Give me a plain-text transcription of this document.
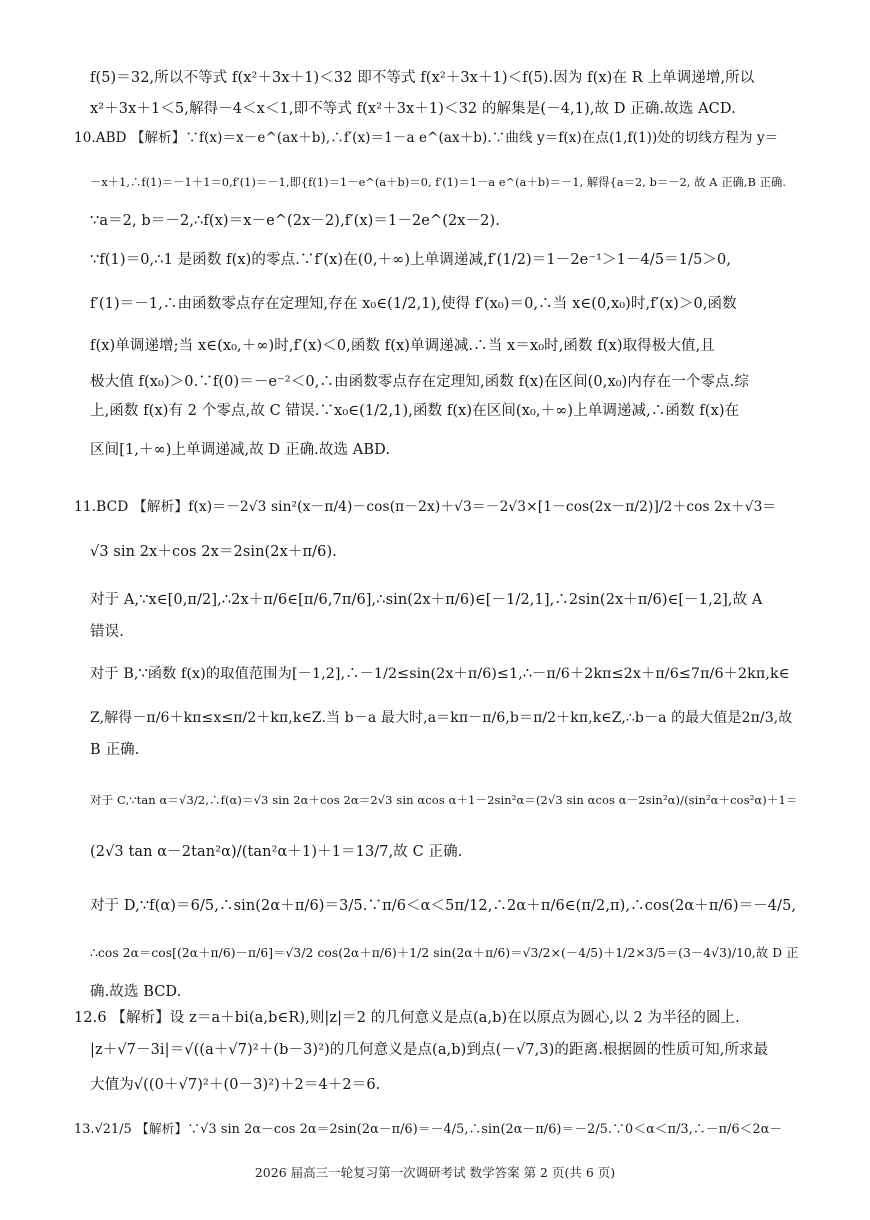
f(5)＝32,所以不等式 f(x²＋3x＋1)＜32 即不等式 f(x²＋3x＋1)＜f(5).因为 f(x)在 R 上单调递增,所以
x²＋3x＋1＜5,解得－4＜x＜1,即不等式 f(x²＋3x＋1)＜32 的解集是(－4,1),故 D 正确.故选 ACD.
10.ABD 【解析】∵f(x)＝x－e^(ax＋b),∴f′(x)＝1－a e^(ax＋b).∵曲线 y＝f(x)在点(1,f(1))处的切线方程为 y＝
－x＋1,∴f(1)＝－1＋1＝0,f′(1)＝－1,即{f(1)＝1－e^(a＋b)＝0, f′(1)＝1－a e^(a＋b)＝－1, 解得{a＝2, b＝－2, 故 A 正确,B 正确.
∵a＝2, b＝－2,∴f(x)＝x－e^(2x－2),f′(x)＝1－2e^(2x－2).
∵f(1)＝0,∴1 是函数 f(x)的零点.∵f′(x)在(0,＋∞)上单调递减,f′(1/2)＝1－2e⁻¹＞1－4/5＝1/5＞0,
f′(1)＝－1,∴由函数零点存在定理知,存在 x₀∈(1/2,1),使得 f′(x₀)＝0,∴当 x∈(0,x₀)时,f′(x)＞0,函数
f(x)单调递增;当 x∈(x₀,＋∞)时,f′(x)＜0,函数 f(x)单调递减.∴当 x＝x₀时,函数 f(x)取得极大值,且
极大值 f(x₀)＞0.∵f(0)＝－e⁻²＜0,∴由函数零点存在定理知,函数 f(x)在区间(0,x₀)内存在一个零点.综
上,函数 f(x)有 2 个零点,故 C 错误.∵x₀∈(1/2,1),函数 f(x)在区间(x₀,＋∞)上单调递减,∴函数 f(x)在
区间[1,＋∞)上单调递减,故 D 正确.故选 ABD.
11.BCD 【解析】f(x)＝－2√3 sin²(x－π/4)－cos(π－2x)＋√3＝－2√3×[1－cos(2x－π/2)]/2＋cos 2x＋√3＝
√3 sin 2x＋cos 2x＝2sin(2x＋π/6).
对于 A,∵x∈[0,π/2],∴2x＋π/6∈[π/6,7π/6],∴sin(2x＋π/6)∈[－1/2,1],∴2sin(2x＋π/6)∈[－1,2],故 A
错误.
对于 B,∵函数 f(x)的取值范围为[－1,2],∴－1/2≤sin(2x＋π/6)≤1,∴－π/6＋2kπ≤2x＋π/6≤7π/6＋2kπ,k∈
Z,解得－π/6＋kπ≤x≤π/2＋kπ,k∈Z.当 b－a 最大时,a＝kπ－π/6,b＝π/2＋kπ,k∈Z,∴b－a 的最大值是2π/3,故
B 正确.
对于 C,∵tan α＝√3/2,∴f(α)＝√3 sin 2α＋cos 2α＝2√3 sin αcos α＋1－2sin²α＝(2√3 sin αcos α－2sin²α)/(sin²α＋cos²α)＋1＝
(2√3 tan α－2tan²α)/(tan²α＋1)＋1＝13/7,故 C 正确.
对于 D,∵f(α)＝6/5,∴sin(2α＋π/6)＝3/5.∵π/6＜α＜5π/12,∴2α＋π/6∈(π/2,π),∴cos(2α＋π/6)＝－4/5,
∴cos 2α＝cos[(2α＋π/6)－π/6]＝√3/2 cos(2α＋π/6)＋1/2 sin(2α＋π/6)＝√3/2×(－4/5)＋1/2×3/5＝(3－4√3)/10,故 D 正
确.故选 BCD.
12.6 【解析】设 z＝a＋bi(a,b∈R),则|z|＝2 的几何意义是点(a,b)在以原点为圆心,以 2 为半径的圆上.
|z＋√7－3i|＝√((a＋√7)²＋(b－3)²)的几何意义是点(a,b)到点(－√7,3)的距离.根据圆的性质可知,所求最
大值为√((0＋√7)²＋(0－3)²)＋2＝4＋2＝6.
13.√21/5 【解析】∵√3 sin 2α－cos 2α＝2sin(2α－π/6)＝－4/5,∴sin(2α－π/6)＝－2/5.∵0＜α＜π/3,∴－π/6＜2α－
2026 届高三一轮复习第一次调研考试 数学答案 第 2 页(共 6 页)
